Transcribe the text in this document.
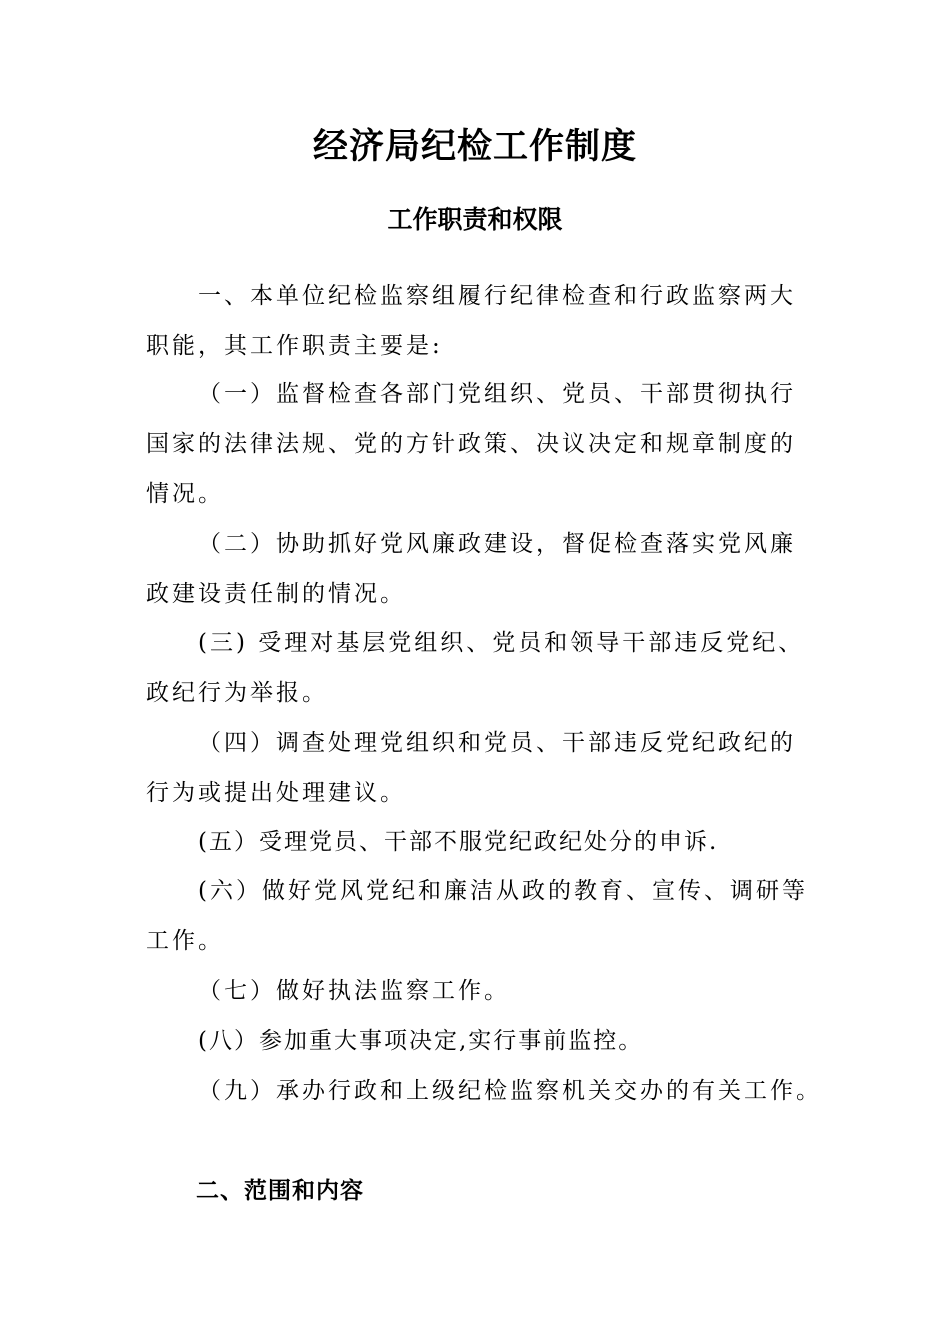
经济局纪检工作制度
工作职责和权限
一、本单位纪检监察组履行纪律检查和行政监察两大职能，其工作职责主要是:
（一）监督检查各部门党组织、党员、干部贯彻执行国家的法律法规、党的方针政策、决议决定和规章制度的情况。
（二）协助抓好党风廉政建设，督促检查落实党风廉政建设责任制的情况。
(三) 受理对基层党组织、党员和领导干部违反党纪、政纪行为举报。
（四）调查处理党组织和党员、干部违反党纪政纪的行为或提出处理建议。
(五）受理党员、干部不服党纪政纪处分的申诉.
(六）做好党风党纪和廉洁从政的教育、宣传、调研等工作。
（七）做好执法监察工作。
(八）参加重大事项决定,实行事前监控。
（九）承办行政和上级纪检监察机关交办的有关工作。
二、范围和内容
